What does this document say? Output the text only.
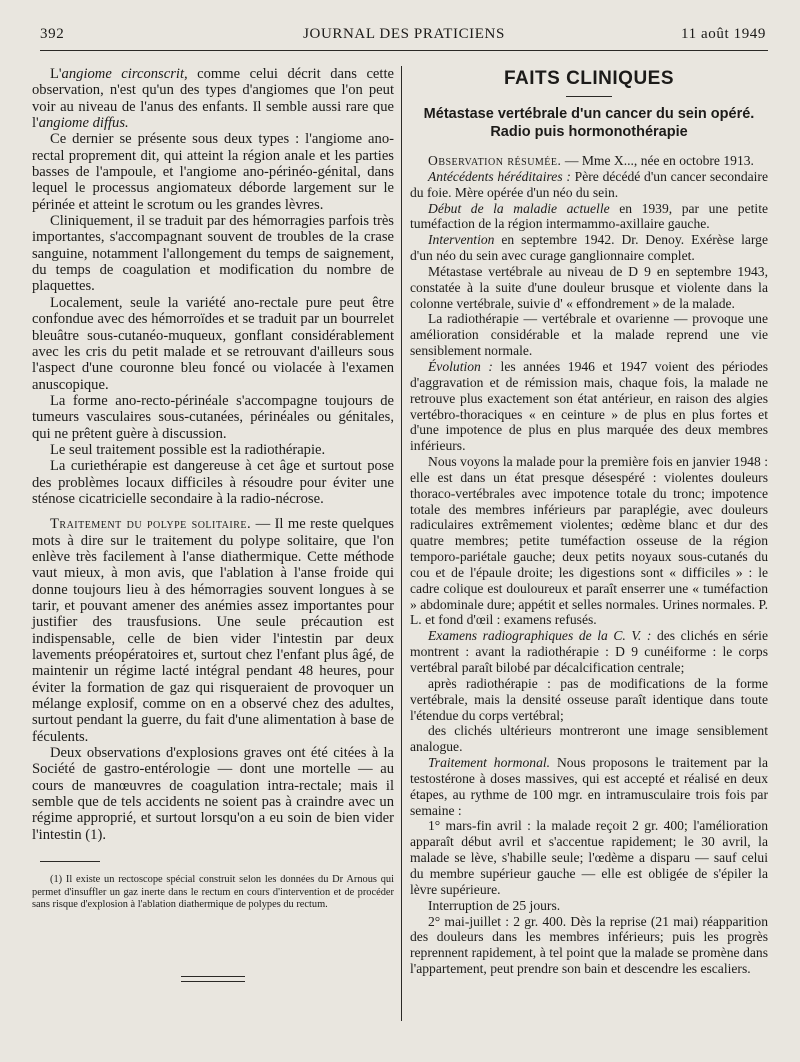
392	JOURNAL DES PRATICIENS	11 août 1949

L'angiome circonscrit, comme celui décrit dans cette observation, n'est qu'un des types d'angiomes que l'on peut voir au niveau de l'anus des enfants. Il semble aussi rare que l'angiome diffus.

Ce dernier se présente sous deux types : l'angiome ano-rectal proprement dit, qui atteint la région anale et les parties basses de l'ampoule, et l'angiome ano-périnéo-génital, dans lequel le processus angiomateux déborde largement sur le périnée et atteint le scrotum ou les grandes lèvres.

Cliniquement, il se traduit par des hémorragies parfois très importantes, s'accompagnant souvent de troubles de la crase sanguine, notamment l'allongement du temps de saignement, du temps de coagulation et modification du nombre de plaquettes.

Localement, seule la variété ano-rectale pure peut être confondue avec des hémorroïdes et se traduit par un bourrelet bleuâtre sous-cutanéo-muqueux, gonflant considérablement avec les cris du petit malade et se retrouvant d'ailleurs sous l'aspect d'une couronne bleu foncé ou violacée à l'examen anuscopique.

La forme ano-recto-périnéale s'accompagne toujours de tumeurs vasculaires sous-cutanées, périnéales ou génitales, qui ne prêtent guère à discussion.

Le seul traitement possible est la radiothérapie.

La curiethérapie est dangereuse à cet âge et surtout pose des problèmes locaux difficiles à résoudre pour éviter une sténose cicatricielle secondaire à la radio-nécrose.

Traitement du polype solitaire. — Il me reste quelques mots à dire sur le traitement du polype solitaire, que l'on enlève très facilement à l'anse diathermique. Cette méthode vaut mieux, à mon avis, que l'ablation à l'anse froide qui donne toujours lieu à des hémorragies souvent longues à se tarir, et pouvant amener des anémies assez importantes pour justifier des trausfusions. Une seule précaution est indispensable, celle de bien vider l'intestin par deux lavements préopératoires et, surtout chez l'enfant plus âgé, de maintenir un régime lacté intégral pendant 48 heures, pour éviter la formation de gaz qui risqueraient de provoquer un mélange explosif, comme on en a observé chez des adultes, surtout pendant la guerre, du fait d'une alimentation à base de féculents.

Deux observations d'explosions graves ont été citées à la Société de gastro-entérologie — dont une mortelle — au cours de manœuvres de coagulation intra-rectale; mais il semble que de tels accidents ne soient pas à craindre avec un régime approprié, et surtout lorsqu'on a eu soin de bien vider l'intestin (1).

(1) Il existe un rectoscope spécial construit selon les données du Dr Arnous qui permet d'insuffler un gaz inerte dans le rectum en cours d'intervention et de procéder sans risque d'explosion à l'ablation diathermique de polypes du rectum.

FAITS CLINIQUES
Métastase vertébrale d'un cancer du sein opéré. Radio puis hormonothérapie

Observation résumée. — Mme X..., née en octobre 1913.

Antécédents héréditaires : Père décédé d'un cancer secondaire du foie. Mère opérée d'un néo du sein.

Début de la maladie actuelle en 1939, par une petite tuméfaction de la région intermammo-axillaire gauche.

Intervention en septembre 1942. Dr. Denoy. Exérèse large d'un néo du sein avec curage ganglionnaire complet.

Métastase vertébrale au niveau de D 9 en septembre 1943, constatée à la suite d'une douleur brusque et violente dans la colonne vertébrale, suivie d' « effondrement » de la malade.

La radiothérapie — vertébrale et ovarienne — provoque une amélioration considérable et la malade reprend une vie sensiblement normale.

Évolution : les années 1946 et 1947 voient des périodes d'aggravation et de rémission mais, chaque fois, la malade ne retrouve plus exactement son état antérieur, en raison des algies vertébro-thoraciques « en ceinture » de plus en plus fortes et d'une impotence de plus en plus marquée des deux membres inférieurs.

Nous voyons la malade pour la première fois en janvier 1948 : elle est dans un état presque désespéré : violentes douleurs thoraco-vertébrales avec impotence totale du tronc; impotence totale des membres inférieurs par paraplégie, avec douleurs radiculaires extrêmement violentes; œdème blanc et dur des quatre membres; petite tuméfaction osseuse de la région temporo-pariétale gauche; deux petits noyaux sous-cutanés du cou et de l'épaule droite; les digestions sont « difficiles » : le cadre colique est douloureux et paraît enserrer une « tuméfaction » abdominale dure; appétit et selles normales. Urines normales. P. L. et fond d'œil : examens refusés.

Examens radiographiques de la C. V. : des clichés en série montrent : avant la radiothérapie : D 9 cunéiforme : le corps vertébral paraît bilobé par décalcification centrale;

après radiothérapie : pas de modifications de la forme vertébrale, mais la densité osseuse paraît identique dans toute l'étendue du corps vertébral;

des clichés ultérieurs montreront une image sensiblement analogue.

Traitement hormonal. Nous proposons le traitement par la testostérone à doses massives, qui est accepté et réalisé en deux étapes, au rythme de 100 mgr. en intramusculaire trois fois par semaine :

1° mars-fin avril : la malade reçoit 2 gr. 400; l'amélioration apparaît début avril et s'accentue rapidement; le 30 avril, la malade se lève, s'habille seule; l'œdème a disparu — sauf celui du membre supérieur gauche — elle est obligée de s'épiler la lèvre supérieure.

Interruption de 25 jours.

2° mai-juillet : 2 gr. 400. Dès la reprise (21 mai) réapparition des douleurs dans les membres inférieurs; puis les progrès reprennent rapidement, à tel point que la malade se promène dans l'appartement, peut prendre son bain et descendre les escaliers.
